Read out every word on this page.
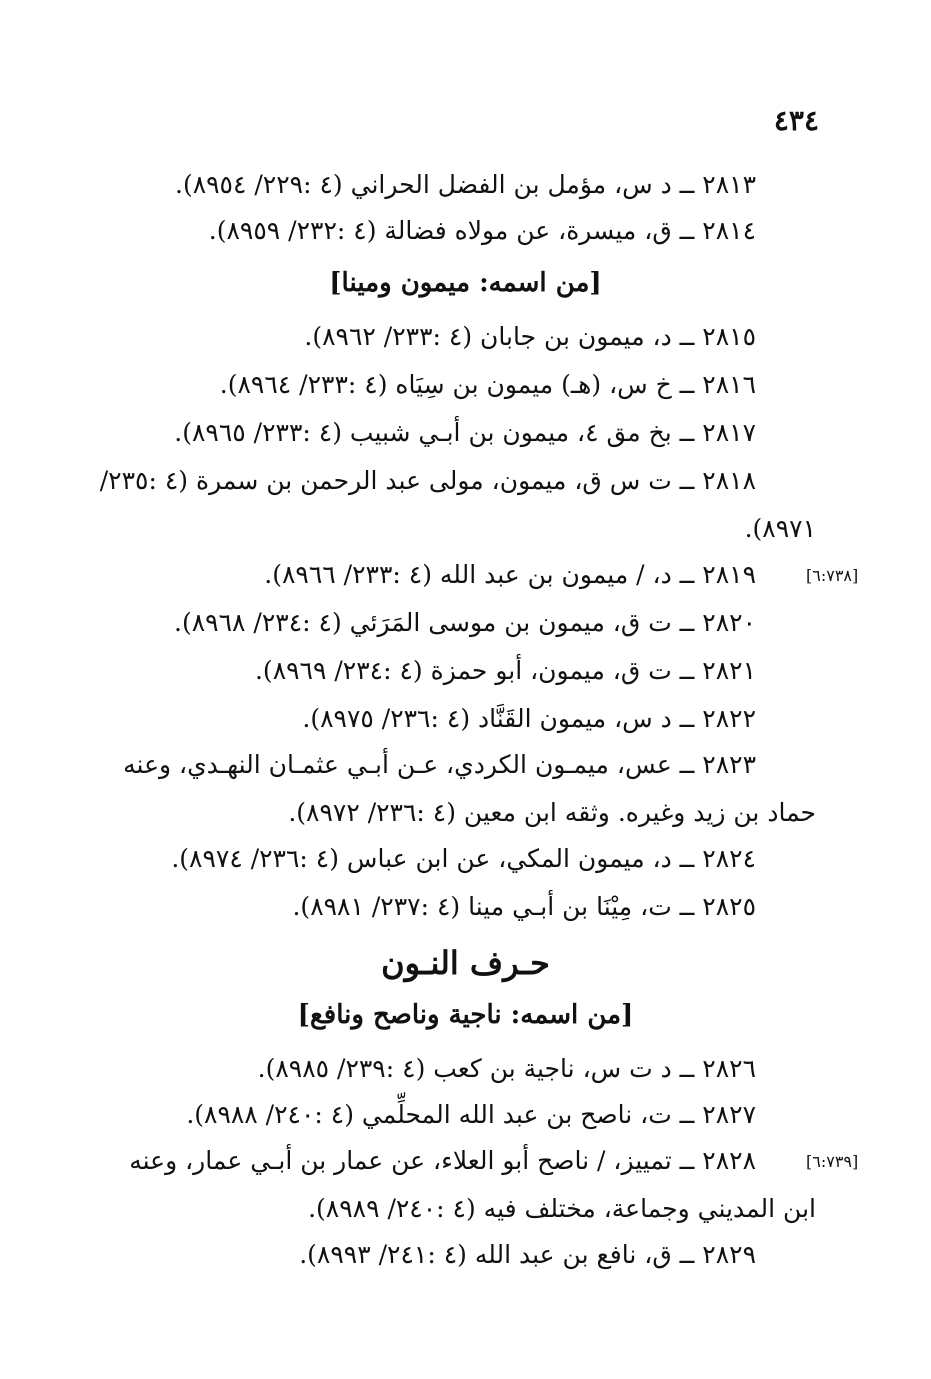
٤٣٤
٢٨١٣ ــ د س، مؤمل بن الفضل الحراني (٤ :٢٢٩/ ٨٩٥٤).
٢٨١٤ ــ ق، ميسرة، عن مولاه فضالة (٤ :٢٣٢/ ٨٩٥٩).
[من اسمه: ميمون ومينا]
٢٨١٥ ــ د، ميمون بن جابان (٤ :٢٣٣/ ٨٩٦٢).
٢٨١٦ ــ خ س، (هـ) ميمون بن سِيَاه (٤ :٢٣٣/ ٨٩٦٤).
٢٨١٧ ــ بخ مق ٤، ميمون بن أبـي شبيب (٤ :٢٣٣/ ٨٩٦٥).
٢٨١٨ ــ ت س ق، ميمون، مولى عبد الرحمن بن سمرة (٤ :٢٣٥/
٨٩٧١).
[٦:٧٣٨]
٢٨١٩ ــ د، / ميمون بن عبد الله (٤ :٢٣٣/ ٨٩٦٦).
٢٨٢٠ ــ ت ق، ميمون بن موسى المَرَئي (٤ :٢٣٤/ ٨٩٦٨).
٢٨٢١ ــ ت ق، ميمون، أبو حمزة (٤ :٢٣٤/ ٨٩٦٩).
٢٨٢٢ ــ د س، ميمون القَنَّاد (٤ :٢٣٦/ ٨٩٧٥).
٢٨٢٣ ــ عس، ميمـون الكردي، عـن أبـي عثمـان النهـدي، وعنه
حماد بن زيد وغيره. وثقه ابن معين (٤ :٢٣٦/ ٨٩٧٢).
٢٨٢٤ ــ د، ميمون المكي، عن ابن عباس (٤ :٢٣٦/ ٨٩٧٤).
٢٨٢٥ ــ ت، مِيْنَا بن أبـي مينا (٤ :٢٣٧/ ٨٩٨١).
حـرف النـون
[من اسمه: ناجية وناصح ونافع]
٢٨٢٦ ــ د ت س، ناجية بن كعب (٤ :٢٣٩/ ٨٩٨٥).
٢٨٢٧ ــ ت، ناصح بن عبد الله المحلِّمي (٤ :٢٤٠/ ٨٩٨٨).
[٦:٧٣٩]
٢٨٢٨ ــ تمييز، / ناصح أبو العلاء، عن عمار بن أبـي عمار، وعنه
ابن المديني وجماعة، مختلف فيه (٤ :٢٤٠/ ٨٩٨٩).
٢٨٢٩ ــ ق، نافع بن عبد الله (٤ :٢٤١/ ٨٩٩٣).
